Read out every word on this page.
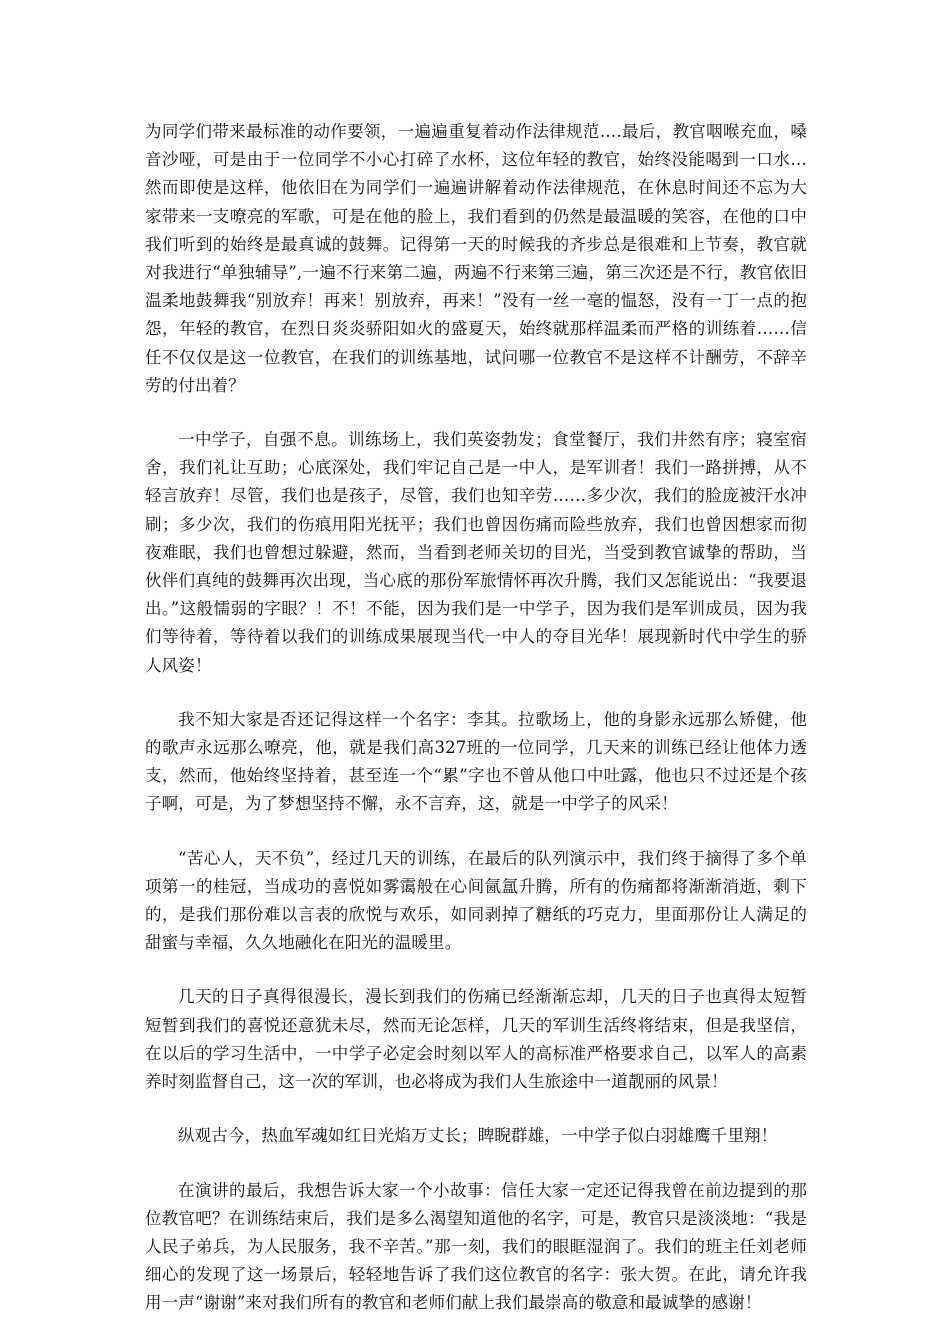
为同学们带来最标准的动作要领，一遍遍重复着动作法律规范….最后，教官咽喉充血，嗓音沙哑，可是由于一位同学不小心打碎了水杯，这位年轻的教官，始终没能喝到一口水…然而即使是这样，他依旧在为同学们一遍遍讲解着动作法律规范，在休息时间还不忘为大家带来一支嘹亮的军歌，可是在他的脸上，我们看到的仍然是最温暖的笑容，在他的口中我们听到的始终是最真诚的鼓舞。记得第一天的时候我的齐步总是很难和上节奏，教官就对我进行“单独辅导”,一遍不行来第二遍，两遍不行来第三遍，第三次还是不行，教官依旧温柔地鼓舞我“别放弃！再来！别放弃，再来！”没有一丝一毫的愠怒，没有一丁一点的抱怨，年轻的教官，在烈日炎炎骄阳如火的盛夏天，始终就那样温柔而严格的训练着……信任不仅仅是这一位教官，在我们的训练基地，试问哪一位教官不是这样不计酬劳，不辞辛劳的付出着？

一中学子，自强不息。训练场上，我们英姿勃发；食堂餐厅，我们井然有序；寝室宿舍，我们礼让互助；心底深处，我们牢记自己是一中人，是军训者！我们一路拼搏，从不轻言放弃！尽管，我们也是孩子，尽管，我们也知辛劳……多少次，我们的脸庞被汗水冲刷；多少次，我们的伤痕用阳光抚平；我们也曾因伤痛而险些放弃，我们也曾因想家而彻夜难眠，我们也曾想过躲避，然而，当看到老师关切的目光，当受到教官诚挚的帮助，当伙伴们真纯的鼓舞再次出现，当心底的那份军旅情怀再次升腾，我们又怎能说出：“我要退出。”这般懦弱的字眼？！不！不能，因为我们是一中学子，因为我们是军训成员，因为我们等待着，等待着以我们的训练成果展现当代一中人的夺目光华！展现新时代中学生的骄人风姿！

我不知大家是否还记得这样一个名字：李其。拉歌场上，他的身影永远那么矫健，他的歌声永远那么嘹亮，他，就是我们高327班的一位同学，几天来的训练已经让他体力透支，然而，他始终坚持着，甚至连一个“累”字也不曾从他口中吐露，他也只不过还是个孩子啊，可是，为了梦想坚持不懈，永不言弃，这，就是一中学子的风采！

“苦心人，天不负”，经过几天的训练，在最后的队列演示中，我们终于摘得了多个单项第一的桂冠，当成功的喜悦如雾霭般在心间氤氲升腾，所有的伤痛都将渐渐消逝，剩下的，是我们那份难以言表的欣悦与欢乐，如同剥掉了糖纸的巧克力，里面那份让人满足的甜蜜与幸福，久久地融化在阳光的温暖里。

几天的日子真得很漫长，漫长到我们的伤痛已经渐渐忘却，几天的日子也真得太短暂短暂到我们的喜悦还意犹未尽，然而无论怎样，几天的军训生活终将结束，但是我坚信，在以后的学习生活中，一中学子必定会时刻以军人的高标准严格要求自己，以军人的高素养时刻监督自己，这一次的军训，也必将成为我们人生旅途中一道靓丽的风景！

纵观古今，热血军魂如红日光焰万丈长；睥睨群雄，一中学子似白羽雄鹰千里翔！

在演讲的最后，我想告诉大家一个小故事：信任大家一定还记得我曾在前边提到的那位教官吧？在训练结束后，我们是多么渴望知道他的名字，可是，教官只是淡淡地：“我是人民子弟兵，为人民服务，我不辛苦。”那一刻，我们的眼眶湿润了。我们的班主任刘老师细心的发现了这一场景后，轻轻地告诉了我们这位教官的名字：张大贺。在此，请允许我用一声“谢谢”来对我们所有的教官和老师们献上我们最崇高的敬意和最诚挚的感谢！
